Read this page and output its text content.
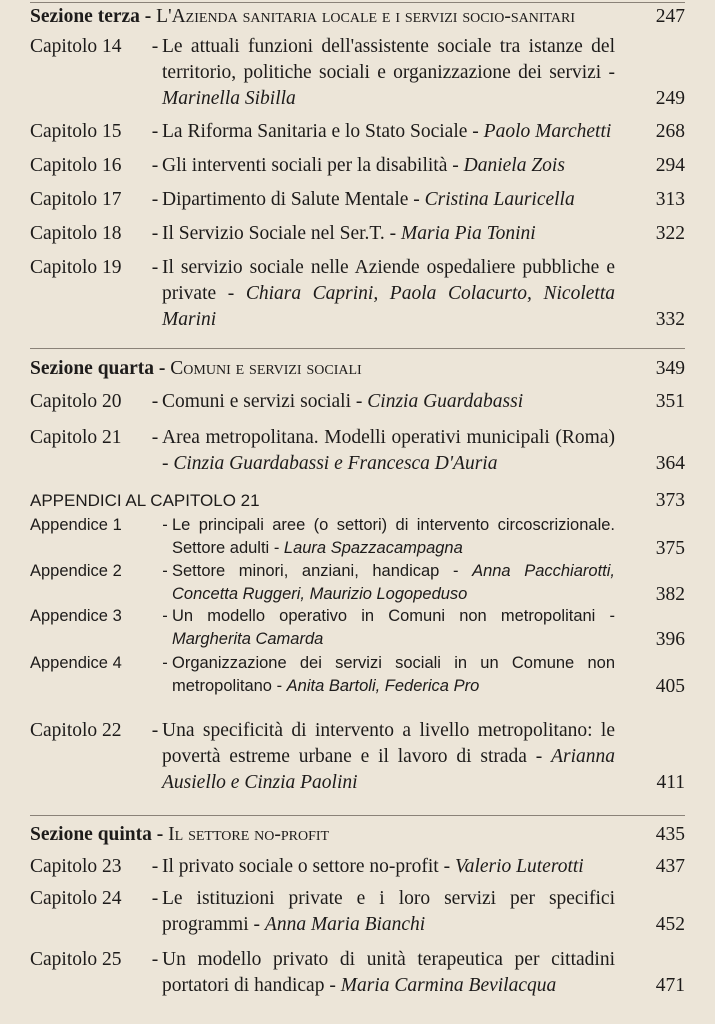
Sezione terza - L'Azienda sanitaria locale e i servizi socio-sanitari	247
Capitolo 14	- Le attuali funzioni dell'assistente sociale tra istanze del territorio, politiche sociali e organizzazione dei servizi - Marinella Sibilla	249
Capitolo 15	- La Riforma Sanitaria e lo Stato Sociale - Paolo Marchetti	268
Capitolo 16	- Gli interventi sociali per la disabilità - Daniela Zois	294
Capitolo 17	- Dipartimento di Salute Mentale - Cristina Lauricella	313
Capitolo 18	- Il Servizio Sociale nel Ser.T. - Maria Pia Tonini	322
Capitolo 19	- Il servizio sociale nelle Aziende ospedaliere pubbliche e private - Chiara Caprini, Paola Colacurto, Nicoletta Marini	332
Sezione quarta - Comuni e servizi sociali	349
Capitolo 20	- Comuni e servizi sociali - Cinzia Guardabassi	351
Capitolo 21	- Area metropolitana. Modelli operativi municipali (Roma) - Cinzia Guardabassi e Francesca D'Auria	364
APPENDICI AL CAPITOLO 21	373
Appendice 1	- Le principali aree (o settori) di intervento circoscrizionale. Settore adulti - Laura Spazzacampagna	375
Appendice 2	- Settore minori, anziani, handicap - Anna Pacchiarotti, Concetta Ruggeri, Maurizio Logopeduso	382
Appendice 3	- Un modello operativo in Comuni non metropolitani - Margherita Camarda	396
Appendice 4	- Organizzazione dei servizi sociali in un Comune non metropolitano - Anita Bartoli, Federica Pro	405
Capitolo 22	- Una specificità di intervento a livello metropolitano: le povertà estreme urbane e il lavoro di strada - Arianna Ausiello e Cinzia Paolini	411
Sezione quinta - Il settore no-profit	435
Capitolo 23	- Il privato sociale o settore no-profit - Valerio Luterotti	437
Capitolo 24	- Le istituzioni private e i loro servizi per specifici programmi - Anna Maria Bianchi	452
Capitolo 25	- Un modello privato di unità terapeutica per cittadini portatori di handicap - Maria Carmina Bevilacqua	471
